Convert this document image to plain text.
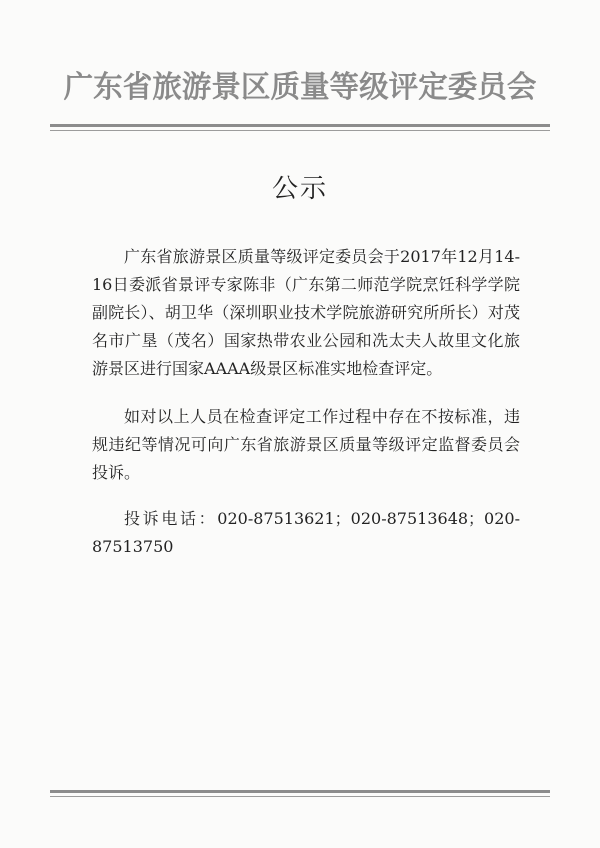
广东省旅游景区质量等级评定委员会
公示

广东省旅游景区质量等级评定委员会于2017年12月14-16日委派省景评专家陈非（广东第二师范学院烹饪科学学院副院长）、胡卫华（深圳职业技术学院旅游研究所所长）对茂名市广垦（茂名）国家热带农业公园和冼太夫人故里文化旅游景区进行国家AAAA级景区标准实地检查评定。

如对以上人员在检查评定工作过程中存在不按标准，违规违纪等情况可向广东省旅游景区质量等级评定监督委员会投诉。

投诉电话：020-87513621；020-87513648；020-87513750
